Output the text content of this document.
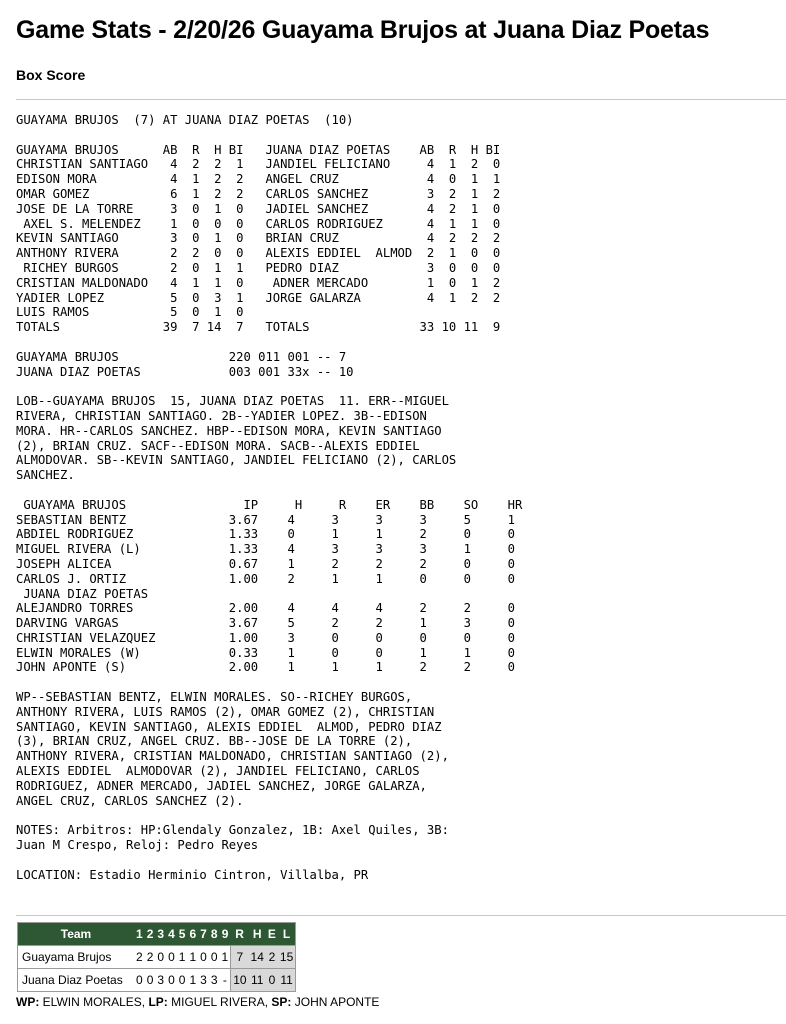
Game Stats - 2/20/26 Guayama Brujos at Juana Diaz Poetas
Box Score
GUAYAMA BRUJOS  (7) AT JUANA DIAZ POETAS  (10)

GUAYAMA BRUJOS      AB  R  H BI   JUANA DIAZ POETAS    AB  R  H BI
CHRISTIAN SANTIAGO   4  2  2  1   JANDIEL FELICIANO     4  1  2  0
EDISON MORA          4  1  2  2   ANGEL CRUZ            4  0  1  1
OMAR GOMEZ           6  1  2  2   CARLOS SANCHEZ        3  2  1  2
JOSE DE LA TORRE     3  0  1  0   JADIEL SANCHEZ        4  2  1  0
AXEL S. MELENDEZ    1  0  0  0   CARLOS RODRIGUEZ      4  1  1  0
KEVIN SANTIAGO       3  0  1  0   BRIAN CRUZ            4  2  2  2
ANTHONY RIVERA       2  2  0  0   ALEXIS EDDIEL  ALMOD  2  1  0  0
RICHEY BURGOS       2  0  1  1   PEDRO DIAZ            3  0  0  0
CRISTIAN MALDONADO   4  1  1  0    ADNER MERCADO        1  0  1  2
YADIER LOPEZ         5  0  3  1   JORGE GALARZA         4  1  2  2
LUIS RAMOS           5  0  1  0
TOTALS              39  7 14  7   TOTALS               33 10 11  9

GUAYAMA BRUJOS               220 011 001 -- 7
JUANA DIAZ POETAS            003 001 33x -- 10

LOB--GUAYAMA BRUJOS  15, JUANA DIAZ POETAS  11. ERR--MIGUEL
RIVERA, CHRISTIAN SANTIAGO. 2B--YADIER LOPEZ. 3B--EDISON
MORA. HR--CARLOS SANCHEZ. HBP--EDISON MORA, KEVIN SANTIAGO
(2), BRIAN CRUZ. SACF--EDISON MORA. SACB--ALEXIS EDDIEL
ALMODOVAR. SB--KEVIN SANTIAGO, JANDIEL FELICIANO (2), CARLOS
SANCHEZ.

GUAYAMA BRUJOS                IP     H     R    ER    BB    SO    HR
SEBASTIAN BENTZ              3.67    4     3     3     3     5     1
ABDIEL RODRIGUEZ             1.33    0     1     1     2     0     0
MIGUEL RIVERA (L)            1.33    4     3     3     3     1     0
JOSEPH ALICEA                0.67    1     2     2     2     0     0
CARLOS J. ORTIZ              1.00    2     1     1     0     0     0
JUANA DIAZ POETAS
ALEJANDRO TORRES             2.00    4     4     4     2     2     0
DARVING VARGAS               3.67    5     2     2     1     3     0
CHRISTIAN VELAZQUEZ          1.00    3     0     0     0     0     0
ELWIN MORALES (W)            0.33    1     0     0     1     1     0
JOHN APONTE (S)              2.00    1     1     1     2     2     0

WP--SEBASTIAN BENTZ, ELWIN MORALES. SO--RICHEY BURGOS,
ANTHONY RIVERA, LUIS RAMOS (2), OMAR GOMEZ (2), CHRISTIAN
SANTIAGO, KEVIN SANTIAGO, ALEXIS EDDIEL  ALMOD, PEDRO DIAZ
(3), BRIAN CRUZ, ANGEL CRUZ. BB--JOSE DE LA TORRE (2),
ANTHONY RIVERA, CRISTIAN MALDONADO, CHRISTIAN SANTIAGO (2),
ALEXIS EDDIEL  ALMODOVAR (2), JANDIEL FELICIANO, CARLOS
RODRIGUEZ, ADNER MERCADO, JADIEL SANCHEZ, JORGE GALARZA,
ANGEL CRUZ, CARLOS SANCHEZ (2).

NOTES: Arbitros: HP:Glendaly Gonzalez, 1B: Axel Quiles, 3B:
Juan M Crespo, Reloj: Pedro Reyes

LOCATION: Estadio Herminio Cintron, Villalba, PR
Team	1	2	3	4	5	6	7	8	9	R	H	E	L
Guayama Brujos	2	2	0	0	1	1	0	0	1	7	14	2	15
Juana Diaz Poetas	0	0	3	0	0	1	3	3	-	10	11	0	11
WP: ELWIN MORALES, LP: MIGUEL RIVERA, SP: JOHN APONTE
